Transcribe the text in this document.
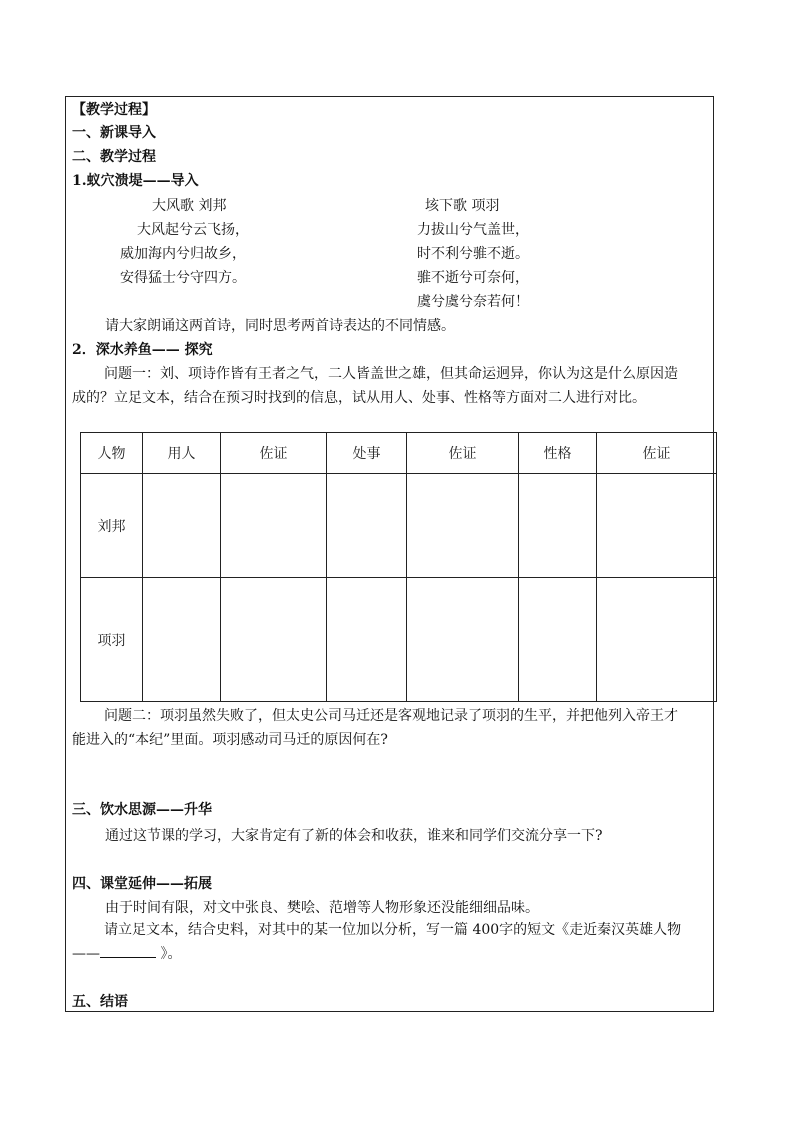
【教学过程】
一、新课导入
二、教学过程
1.蚁穴溃堤——导入
大风歌 刘邦
大风起兮云飞扬，
威加海内兮归故乡，
安得猛士兮守四方。
垓下歌 项羽
力拔山兮气盖世，
时不利兮骓不逝。
骓不逝兮可奈何，
虞兮虞兮奈若何！
请大家朗诵这两首诗，同时思考两首诗表达的不同情感。
2．深水养鱼—— 探究
问题一：刘、项诗作皆有王者之气，二人皆盖世之雄，但其命运迥异，你认为这是什么原因造成的？立足文本，结合在预习时找到的信息，试从用人、处事、性格等方面对二人进行对比。
人物	用人	佐证	处事	佐证	性格	佐证
刘邦						
项羽						
问题二：项羽虽然失败了，但太史公司马迁还是客观地记录了项羽的生平，并把他列入帝王才能进入的“本纪”里面。项羽感动司马迁的原因何在?
三、饮水思源——升华
通过这节课的学习，大家肯定有了新的体会和收获，谁来和同学们交流分享一下?
四、课堂延伸——拓展
由于时间有限，对文中张良、樊哙、范增等人物形象还没能细细品味。
请立足文本，结合史料，对其中的某一位加以分析，写一篇 400字的短文《走近秦汉英雄人物——	》。
五、结语
